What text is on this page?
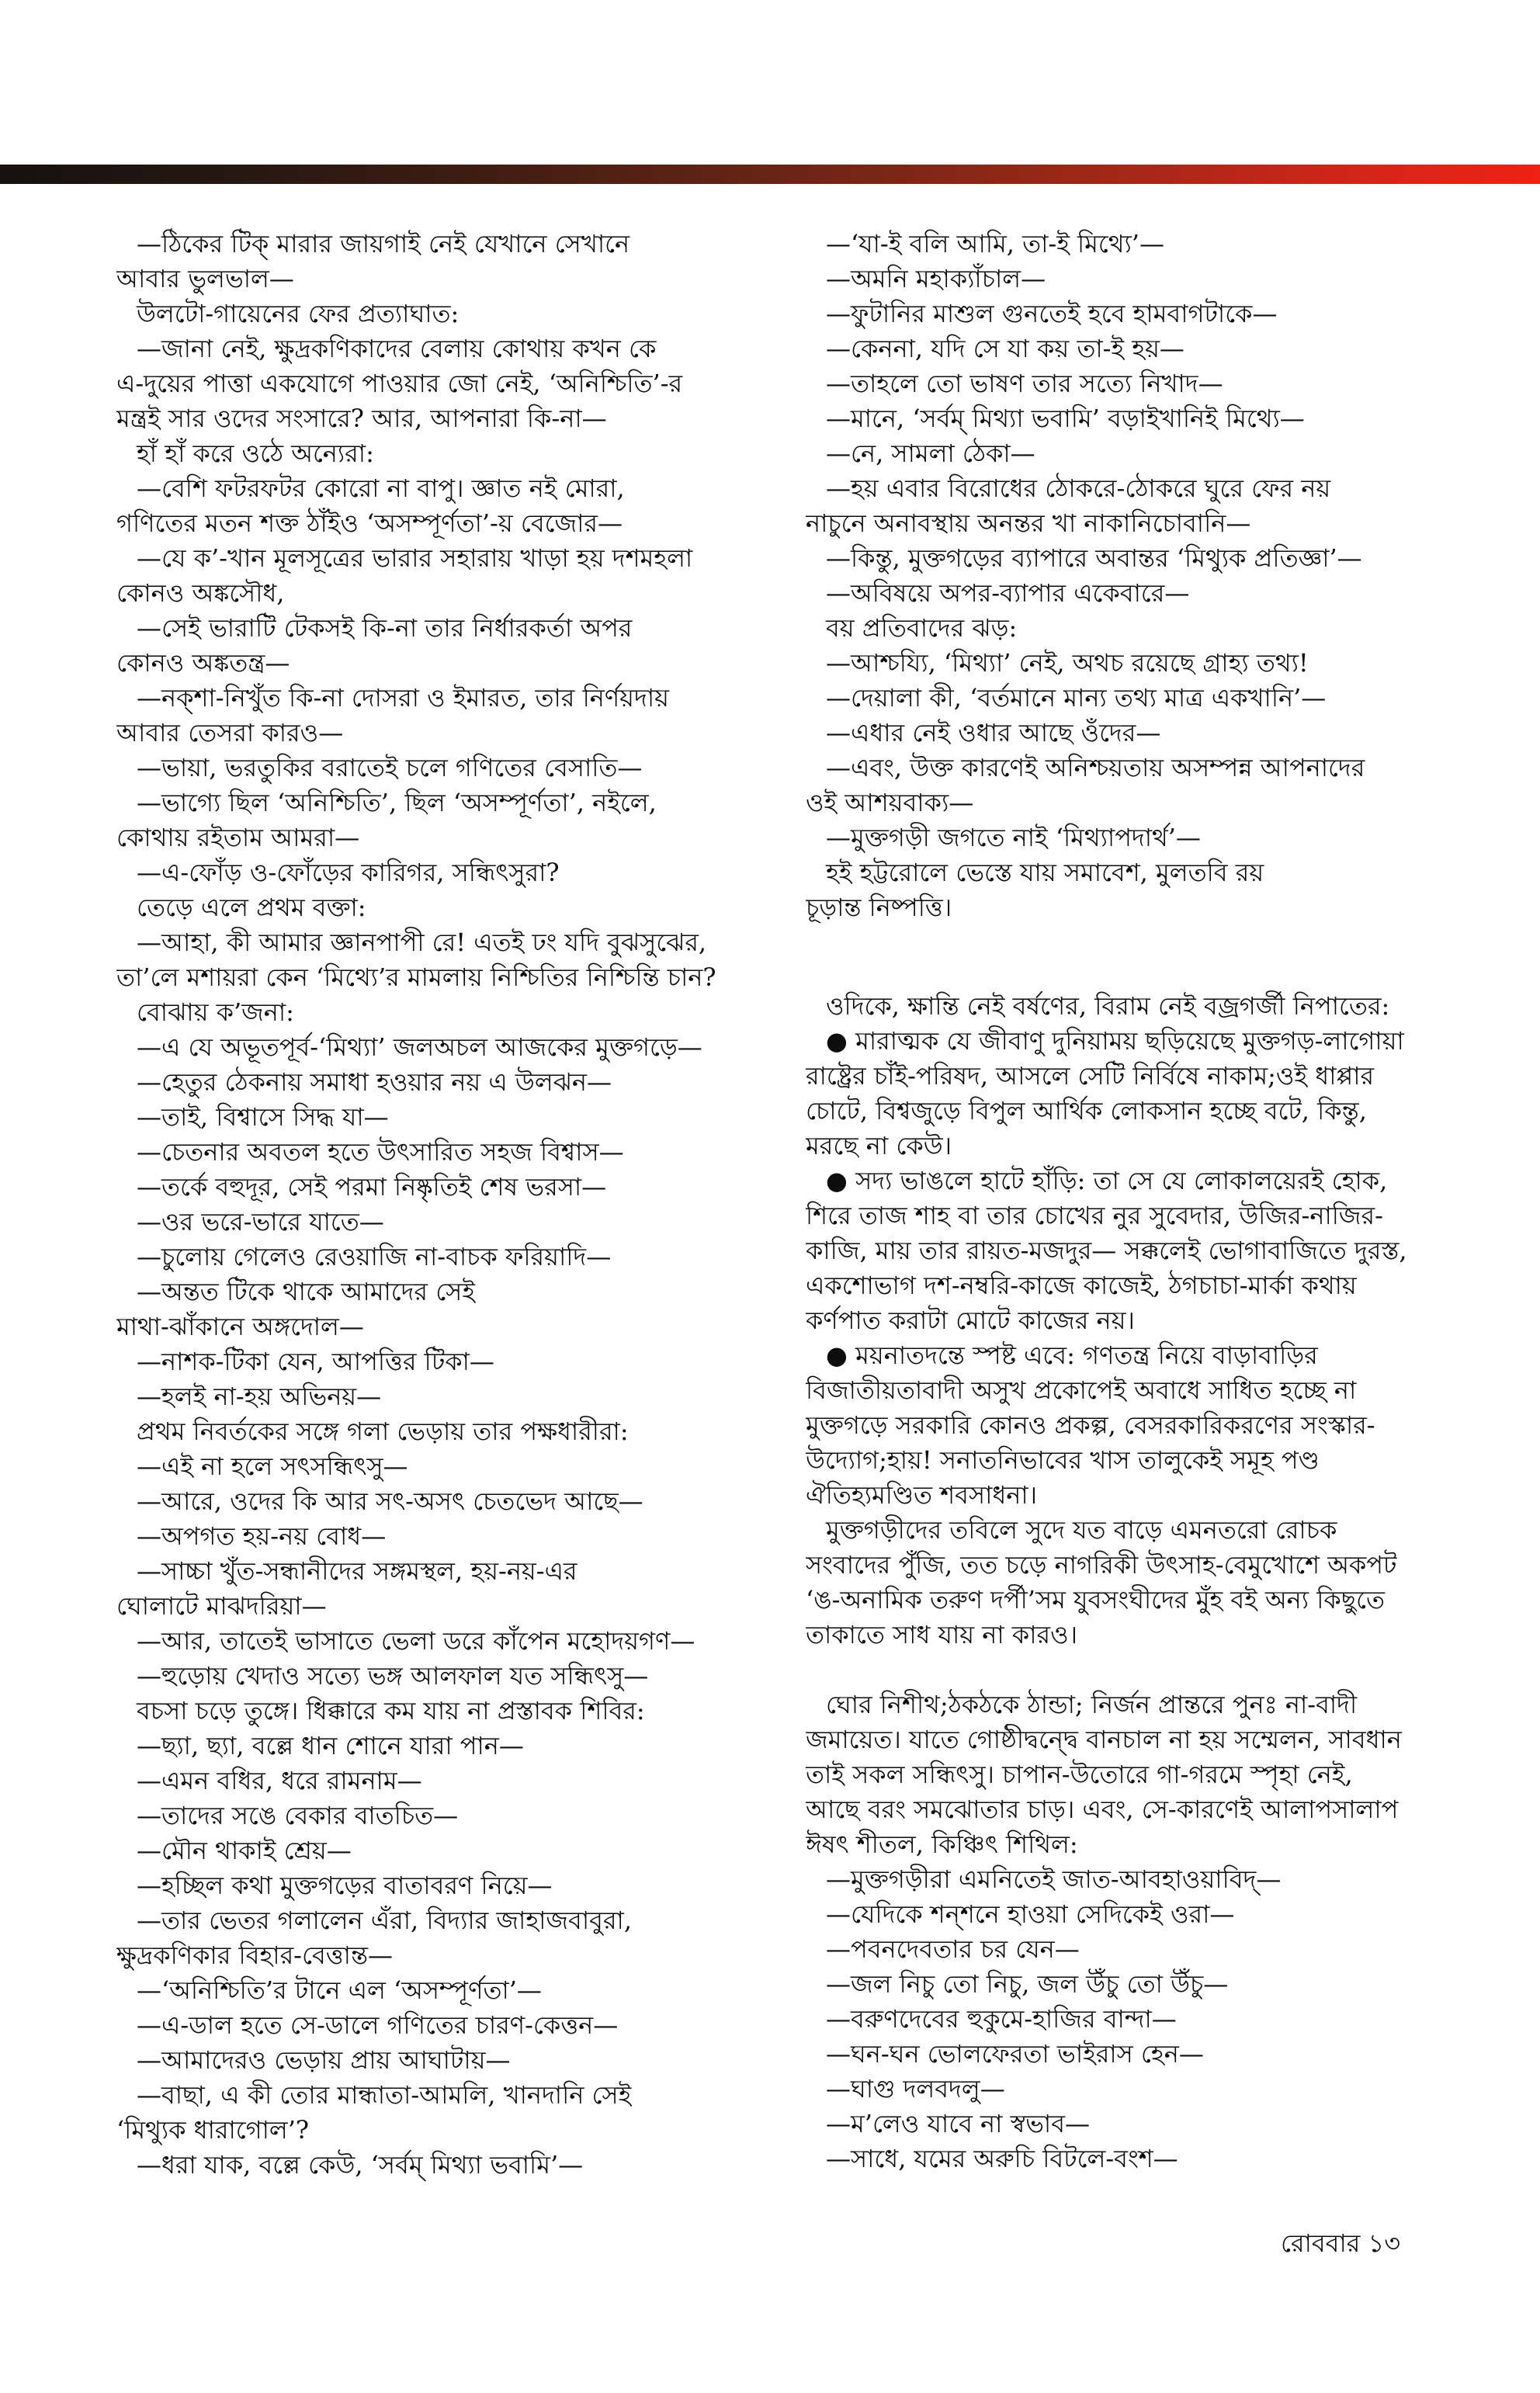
—ঠিকের টিক্‌ মারার জায়গাই নেই যেখানে সেখানে
আবার ভুলভাল—
উলটো-গায়েনের ফের প্রত্যাঘাত:
—জানা নেই, ক্ষুদ্রকণিকাদের বেলায় কোথায় কখন কে
এ-দুয়ের পাত্তা একযোগে পাওয়ার জো নেই, ‘অনিশ্চিতি’-র
মন্ত্রই সার ওদের সংসারে? আর, আপনারা কি-না—
হাঁ হাঁ করে ওঠে অন্যেরা:
—বেশি ফটরফটর কোরো না বাপু। জ্ঞাত নই মোরা,
গণিতের মতন শক্ত ঠাঁইও ‘অসম্পূর্ণতা’-য় বেজোর—
—যে ক’-খান মূলসূত্রের ভারার সহারায় খাড়া হয় দশমহলা
কোনও অঙ্কসৌধ,
—সেই ভারাটি টেকসই কি-না তার নির্ধারকর্তা অপর
কোনও অঙ্কতন্ত্র—
—নক্‌শা-নিখুঁত কি-না দোসরা ও ইমারত, তার নির্ণয়দায়
আবার তেসরা কারও—
—ভায়া, ভরতুকির বরাতেই চলে গণিতের বেসাতি—
—ভাগ্যে ছিল ‘অনিশ্চিতি’, ছিল ‘অসম্পূর্ণতা’, নইলে,
কোথায় রইতাম আমরা—
—এ-ফোঁড় ও-ফোঁড়ের কারিগর, সন্ধিৎসুরা?
তেড়ে এলে প্রথম বক্তা:
—আহা, কী আমার জ্ঞানপাপী রে! এতই ঢং যদি বুঝসুঝের,
তা’লে মশায়রা কেন ‘মিথ্যে’র মামলায় নিশ্চিতির নিশ্চিন্তি চান?
বোঝায় ক’জনা:
—এ যে অভূতপূর্ব-‘মিথ্যা’ জলঅচল আজকের মুক্তগড়ে—
—হেতুর ঠেকনায় সমাধা হওয়ার নয় এ উলঝন—
—তাই, বিশ্বাসে সিদ্ধ যা—
—চেতনার অবতল হতে উৎসারিত সহজ বিশ্বাস—
—তর্কে বহুদূর, সেই পরমা নিষ্কৃতিই শেষ ভরসা—
—ওর ভরে-ভারে যাতে—
—চুলোয় গেলেও রেওয়াজি না-বাচক ফরিয়াদি—
—অন্তত টিকে থাকে আমাদের সেই
মাথা-ঝাঁকানে অঙ্গদোল—
—নাশক-টিকা যেন, আপত্তির টিকা—
—হলই না-হয় অভিনয়—
প্রথম নিবর্তকের সঙ্গে গলা ভেড়ায় তার পক্ষধারীরা:
—এই না হলে সৎসন্ধিৎসু—
—আরে, ওদের কি আর সৎ-অসৎ চেতভেদ আছে—
—অপগত হয়-নয় বোধ—
—সাচ্চা খুঁত-সন্ধানীদের সঙ্গমস্থল, হয়-নয়-এর
ঘোলাটে মাঝদরিয়া—
—আর, তাতেই ভাসাতে ভেলা ডরে কাঁপেন মহোদয়গণ—
—হুড়োয় খেদাও সত্যে ভঙ্গ আলফাল যত সন্ধিৎসু—
বচসা চড়ে তুঙ্গে। ধিক্কারে কম যায় না প্রস্তাবক শিবির:
—ছ্যা, ছ্যা, বল্লে ধান শোনে যারা পান—
—এমন বধির, ধরে রামনাম—
—তাদের সঙে বেকার বাতচিত—
—মৌন থাকাই শ্রেয়—
—হচ্ছিল কথা মুক্তগড়ের বাতাবরণ নিয়ে—
—তার ভেতর গলালেন এঁরা, বিদ্যার জাহাজবাবুরা,
ক্ষুদ্রকণিকার বিহার-বেত্তান্ত—
—‘অনিশ্চিতি’র টানে এল ‘অসম্পূর্ণতা’—
—এ-ডাল হতে সে-ডালে গণিতের চারণ-কেত্তন—
—আমাদেরও ভেড়ায় প্রায় আঘাটায়—
—বাছা, এ কী তোর মান্ধাতা-আমলি, খানদানি সেই
‘মিথ্যুক ধারাগোল’?
—ধরা যাক, বল্লে কেউ, ‘সর্বম্ মিথ্যা ভবামি’—
—‘যা-ই বলি আমি, তা-ই মিথ্যে’—
—অমনি মহাক্যাঁচাল—
—ফুটানির মাশুল গুনতেই হবে হামবাগটাকে—
—কেননা, যদি সে যা কয় তা-ই হয়—
—তাহলে তো ভাষণ তার সত্যে নিখাদ—
—মানে, ‘সর্বম্ মিথ্যা ভবামি’ বড়াইখানিই মিথ্যে—
—নে, সামলা ঠেকা—
—হয় এবার বিরোধের ঠোকরে-ঠোকরে ঘুরে ফের নয়
নাচুনে অনাবস্থায় অনন্তর খা নাকানিচোবানি—
—কিন্তু, মুক্তগড়ের ব্যাপারে অবান্তর ‘মিথ্যুক প্রতিজ্ঞা’—
—অবিষয়ে অপর-ব্যাপার একেবারে—
বয় প্রতিবাদের ঝড়:
—আশ্চয্যি, ‘মিথ্যা’ নেই, অথচ রয়েছে গ্রাহ্য তথ্য!
—দেয়ালা কী, ‘বর্তমানে মান্য তথ্য মাত্র একখানি’—
—এধার নেই ওধার আছে ওঁদের—
—এবং, উক্ত কারণেই অনিশ্চয়তায় অসম্পন্ন আপনাদের
ওই আশয়বাক্য—
—মুক্তগড়ী জগতে নাই ‘মিথ্যাপদার্থ’—
হই হট্টরোলে ভেস্তে যায় সমাবেশ, মুলতবি রয়
চূড়ান্ত নিষ্পত্তি।
ওদিকে, ক্ষান্তি নেই বর্ষণের, বিরাম নেই বজ্রগর্জী নিপাতের:
● মারাত্মক যে জীবাণু দুনিয়াময় ছড়িয়েছে মুক্তগড়-লাগোয়া
রাষ্ট্রের চাঁই-পরিষদ, আসলে সেটি নির্বিষে নাকাম;ওই ধাপ্পার
চোটে, বিশ্বজুড়ে বিপুল আর্থিক লোকসান হচ্ছে বটে, কিন্তু,
মরছে না কেউ।
● সদ্য ভাঙলে হাটে হাঁড়ি: তা সে যে লোকালয়েরই হোক,
শিরে তাজ শাহ বা তার চোখের নুর সুবেদার, উজির-নাজির-
কাজি, মায় তার রায়ত-মজদুর— সক্কলেই ভোগাবাজিতে দুরস্ত,
একশোভাগ দশ-নম্বরি-কাজে কাজেই, ঠগচাচা-মার্কা কথায়
কর্ণপাত করাটা মোটে কাজের নয়।
● ময়নাতদন্তে স্পষ্ট এবে: গণতন্ত্র নিয়ে বাড়াবাড়ির
বিজাতীয়তাবাদী অসুখ প্রকোপেই অবাধে সাধিত হচ্ছে না
মুক্তগড়ে সরকারি কোনও প্রকল্প, বেসরকারিকরণের সংস্কার-
উদ্যোগ;হায়! সনাতনিভাবের খাস তালুকেই সমূহ পণ্ড
ঐতিহ্যমণ্ডিত শবসাধনা।
মুক্তগড়ীদের তবিলে সুদে যত বাড়ে এমনতরো রোচক
সংবাদের পুঁজি, তত চড়ে নাগরিকী উৎসাহ-বেমুখোশে অকপট
‘ঙ-অনামিক তরুণ দর্পী’সম যুবসংঘীদের মুঁহ বই অন্য কিছুতে
তাকাতে সাধ যায় না কারও।
ঘোর নিশীথ;ঠকঠকে ঠান্ডা; নির্জন প্রান্তরে পুনঃ না-বাদী
জমায়েত। যাতে গোষ্ঠীদ্বন্দ্বে বানচাল না হয় সম্মেলন, সাবধান
তাই সকল সন্ধিৎসু। চাপান-উতোরে গা-গরমে স্পৃহা নেই,
আছে বরং সমঝোতার চাড়। এবং, সে-কারণেই আলাপসালাপ
ঈষৎ শীতল, কিঞ্চিৎ শিথিল:
—মুক্তগড়ীরা এমনিতেই জাত-আবহাওয়াবিদ্—
—যেদিকে শন্‌শনে হাওয়া সেদিকেই ওরা—
—পবনদেবতার চর যেন—
—জল নিচু তো নিচু, জল উঁচু তো উঁচু—
—বরুণদেবের হুকুমে-হাজির বান্দা—
—ঘন-ঘন ভোলফেরতা ভাইরাস হেন—
—ঘাগু দলবদলু—
—ম’লেও যাবে না স্বভাব—
—সাধে, যমের অরুচি বিটলে-বংশ—
রোববার ১৩
